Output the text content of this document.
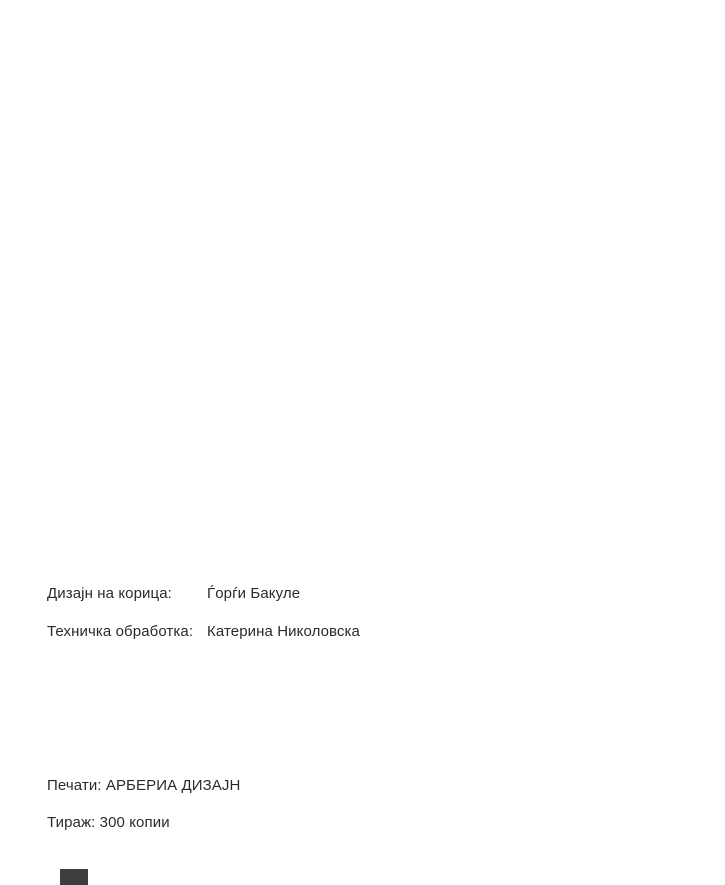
Дизајн на корица: Ѓорѓи Бакуле
Техничка обработка: Катерина Николовска
Печати: АРБЕРИА ДИЗАЈН
Тираж: 300 копии
